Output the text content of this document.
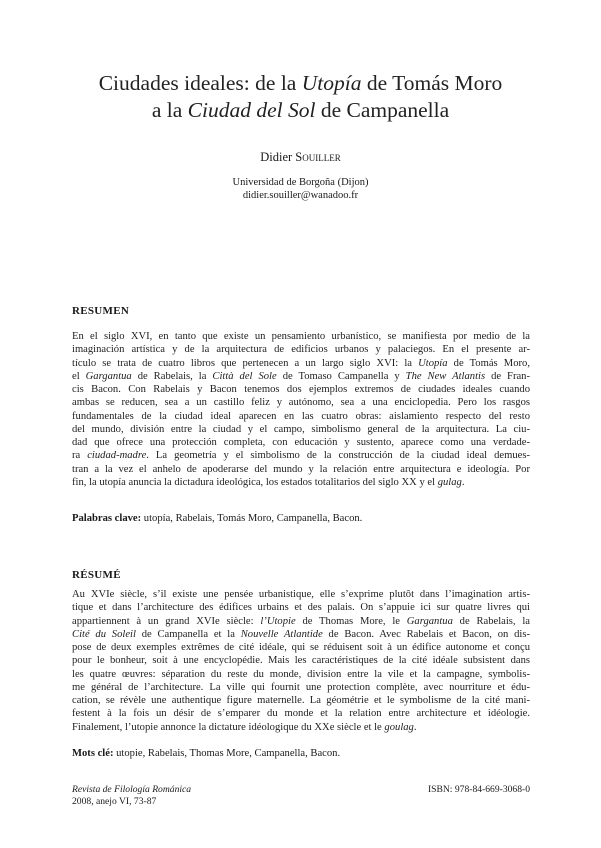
Ciudades ideales: de la Utopía de Tomás Moro
a la Ciudad del Sol de Campanella
Didier Souiller
Universidad de Borgoña (Dijon)
didier.souiller@wanadoo.fr
RESUMEN
En el siglo XVI, en tanto que existe un pensamiento urbanístico, se manifiesta por medio de la
imaginación artística y de la arquitectura de edificios urbanos y palaciegos. En el presente ar-
tículo se trata de cuatro libros que pertenecen a un largo siglo XVI: la Utopía de Tomás Moro,
el Gargantua de Rabelais, la Città del Sole de Tomaso Campanella y The New Atlantis de Fran-
cis Bacon. Con Rabelais y Bacon tenemos dos ejemplos extremos de ciudades ideales cuando
ambas se reducen, sea a un castillo feliz y autónomo, sea a una enciclopedia. Pero los rasgos
fundamentales de la ciudad ideal aparecen en las cuatro obras: aislamiento respecto del resto
del mundo, división entre la ciudad y el campo, simbolismo general de la arquitectura. La ciu-
dad que ofrece una protección completa, con educación y sustento, aparece como una verdade-
ra ciudad-madre. La geometría y el simbolismo de la construcción de la ciudad ideal demues-
tran a la vez el anhelo de apoderarse del mundo y la relación entre arquitectura e ideología. Por
fin, la utopía anuncia la dictadura ideológica, los estados totalitarios del siglo XX y el gulag.
Palabras clave: utopía, Rabelais, Tomás Moro, Campanella, Bacon.
RÉSUMÉ
Au XVIe siècle, s’il existe une pensée urbanistique, elle s’exprime plutôt dans l’imagination artis-
tique et dans l’architecture des édifices urbains et des palais. On s’appuie ici sur quatre livres qui
appartiennent à un grand XVIe siècle: l’Utopie de Thomas More, le Gargantua de Rabelais, la
Cité du Soleil de Campanella et la Nouvelle Atlantide de Bacon. Avec Rabelais et Bacon, on dis-
pose de deux exemples extrêmes de cité idéale, qui se réduisent soit à un édifice autonome et conçu
pour le bonheur, soit à une encyclopédie. Mais les caractéristiques de la cité idéale subsistent dans
les quatre œuvres: séparation du reste du monde, division entre la vile et la campagne, symbolis-
me général de l’architecture. La ville qui fournit une protection complète, avec nourriture et édu-
cation, se révèle une authentique figure maternelle. La géométrie et le symbolisme de la cité mani-
festent à la fois un désir de s’emparer du monde et la relation entre architecture et idéologie.
Finalement, l’utopie annonce la dictature idéologique du XXe siècle et le goulag.
Mots clé: utopie, Rabelais, Thomas More, Campanella, Bacon.
Revista de Filología Románica
2008, anejo VI, 73-87
ISBN: 978-84-669-3068-0
